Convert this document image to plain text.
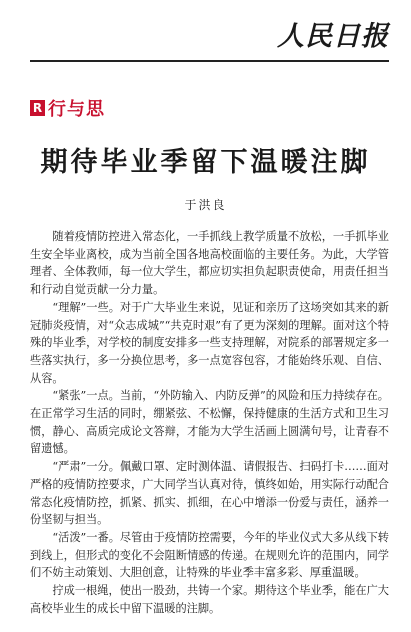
人民日报
R 行与思
期待毕业季留下温暖注脚
于洪良

随着疫情防控进入常态化，一手抓线上教学质量不放松，一手抓毕业生安全毕业离校，成为当前全国各地高校面临的主要任务。为此，大学管理者、全体教师，每一位大学生，都应切实担负起职责使命，用责任担当和行动自觉贡献一分力量。

“理解”一些。对于广大毕业生来说，见证和亲历了这场突如其来的新冠肺炎疫情，对“众志成城”“共克时艰”有了更为深刻的理解。面对这个特殊的毕业季，对学校的制度安排多一些支持理解，对院系的部署规定多一些落实执行，多一分换位思考，多一点宽容包容，才能始终乐观、自信、从容。

“紧张”一点。当前，“外防输入、内防反弹”的风险和压力持续存在。在正常学习生活的同时，绷紧弦、不松懈，保持健康的生活方式和卫生习惯，静心、高质完成论文答辩，才能为大学生活画上圆满句号，让青春不留遗憾。

“严肃”一分。佩戴口罩、定时测体温、请假报告、扫码打卡……面对严格的疫情防控要求，广大同学当认真对待，慎终如始，用实际行动配合常态化疫情防控，抓紧、抓实、抓细，在心中增添一份爱与责任，涵养一份坚韧与担当。

“活泼”一番。尽管由于疫情防控需要，今年的毕业仪式大多从线下转到线上，但形式的变化不会阻断情感的传递。在规则允许的范围内，同学们不妨主动策划、大胆创意，让特殊的毕业季丰富多彩、厚重温暖。

拧成一根绳，使出一股劲，共铸一个家。期待这个毕业季，能在广大高校毕业生的成长中留下温暖的注脚。
